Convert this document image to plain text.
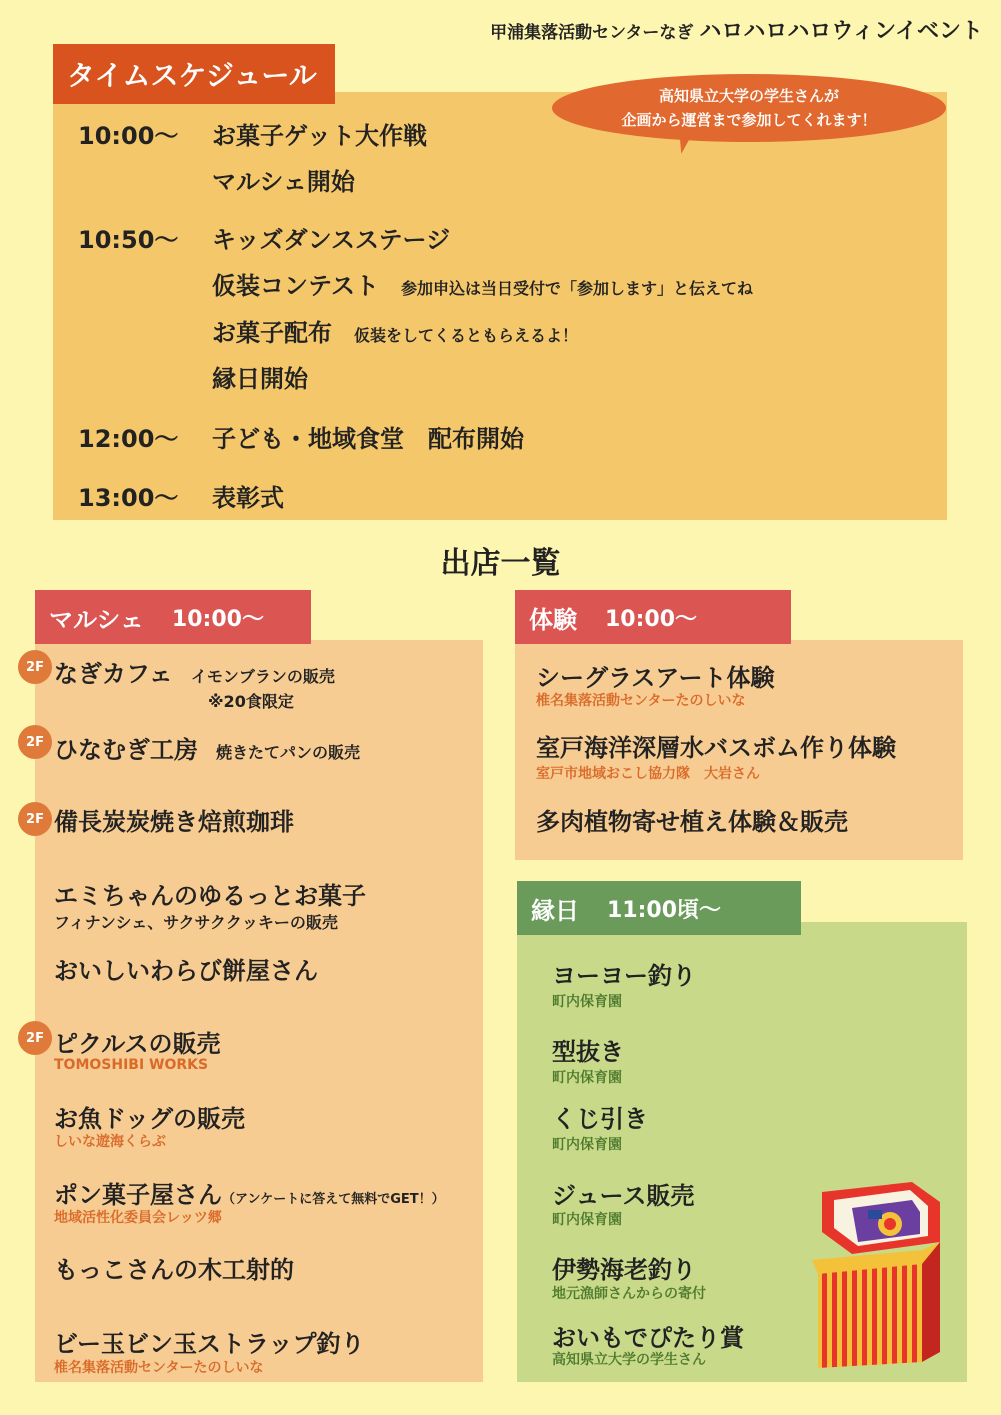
甲浦集落活動センターなぎ ハロハロハロウィンイベント
タイムスケジュール
高知県立大学の学生さんが
企画から運営まで参加してくれます！
10:00〜 お菓子ゲット大作戦
マルシェ開始
10:50〜 キッズダンスステージ
仮装コンテスト 参加申込は当日受付で「参加します」と伝えてね
お菓子配布 仮装をしてくるともらえるよ！
縁日開始
12:00〜 子ども・地域食堂　配布開始
13:00〜 表彰式
出店一覧
マルシェ 10:00〜
2F なぎカフェ イモンブランの販売
※20食限定
2F ひなむぎ工房 焼きたてパンの販売
2F 備長炭炭焼き焙煎珈琲
エミちゃんのゆるっとお菓子
フィナンシェ、サクサククッキーの販売
おいしいわらび餅屋さん
2F ピクルスの販売
TOMOSHIBI WORKS
お魚ドッグの販売
しいな遊海くらぶ
ポン菓子屋さん（アンケートに答えて無料でGET！）
地域活性化委員会レッツ郷
もっこさんの木工射的
ビー玉ビン玉ストラップ釣り
椎名集落活動センターたのしいな
体験 10:00〜
シーグラスアート体験
椎名集落活動センターたのしいな
室戸海洋深層水バスボム作り体験
室戸市地域おこし協力隊　大岩さん
多肉植物寄せ植え体験＆販売
縁日 11:00頃〜
ヨーヨー釣り
町内保育園
型抜き
町内保育園
くじ引き
町内保育園
ジュース販売
町内保育園
伊勢海老釣り
地元漁師さんからの寄付
おいもでぴたり賞
高知県立大学の学生さん
